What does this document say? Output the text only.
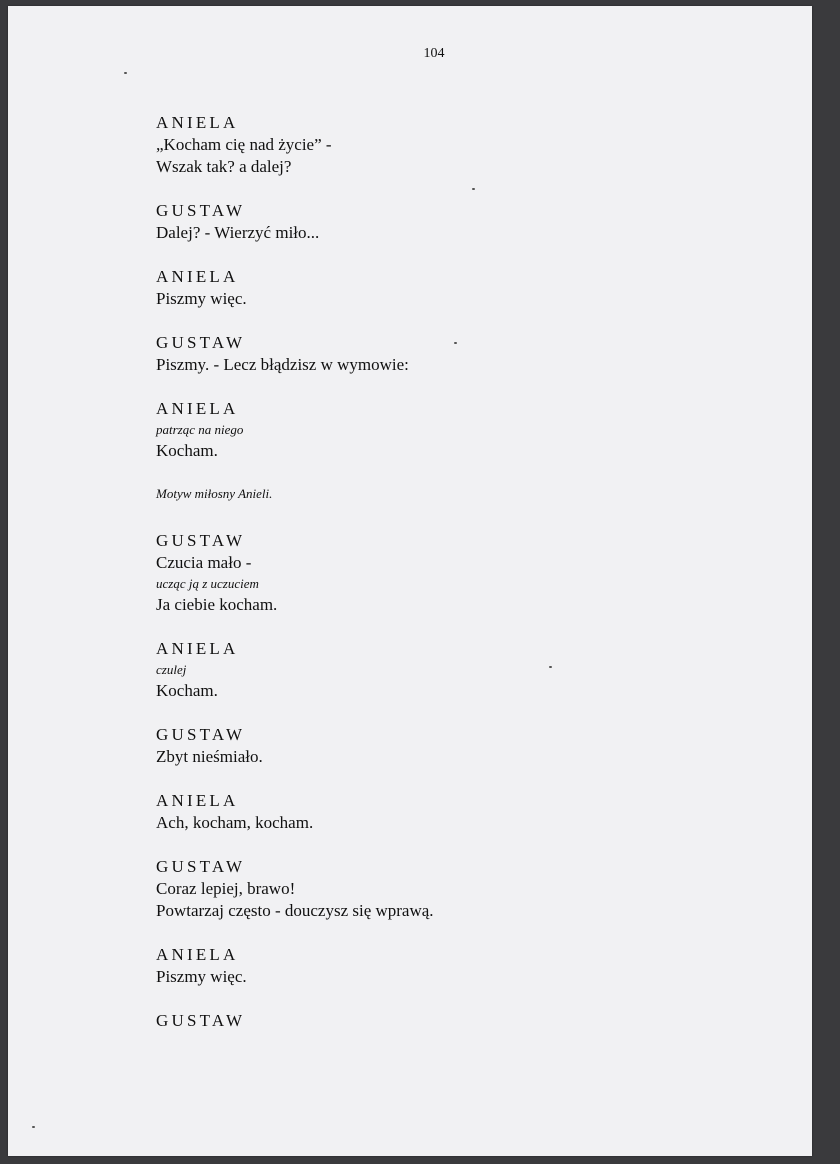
104
ANIELA
„Kocham cię nad życie” -
Wszak tak? a dalej?
GUSTAW
Dalej? - Wierzyć miło...
ANIELA
Piszmy więc.
GUSTAW
Piszmy. - Lecz błądzisz w wymowie:
ANIELA
patrząc na niego
Kocham.
Motyw miłosny Anieli.
GUSTAW
Czucia mało -
ucząc ją z uczuciem
Ja ciebie kocham.
ANIELA
czulej
Kocham.
GUSTAW
Zbyt nieśmiało.
ANIELA
Ach, kocham, kocham.
GUSTAW
Coraz lepiej, brawo!
Powtarzaj często - douczysz się wprawą.
ANIELA
Piszmy więc.
GUSTAW
